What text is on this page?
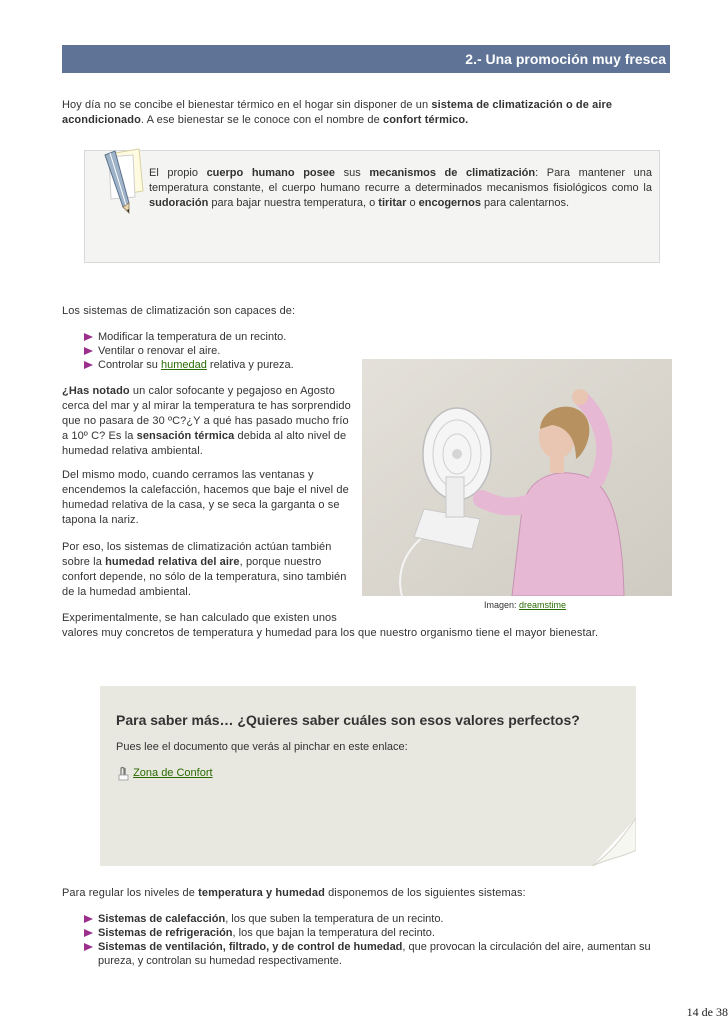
2.- Una promoción muy fresca
Hoy día no se concibe el bienestar térmico en el hogar sin disponer de un sistema de climatización o de aire acondicionado. A ese bienestar se le conoce con el nombre de confort térmico.
El propio cuerpo humano posee sus mecanismos de climatización: Para mantener una temperatura constante, el cuerpo humano recurre a determinados mecanismos fisiológicos como la sudoración para bajar nuestra temperatura, o tiritar o encogernos para calentarnos.
Los sistemas de climatización son capaces de:
Modificar la temperatura de un recinto.
Ventilar o renovar el aire.
Controlar su humedad relativa y pureza.
¿Has notado un calor sofocante y pegajoso en Agosto cerca del mar y al mirar la temperatura te has sorprendido que no pasara de 30 ºC?¿Y a qué has pasado mucho frío a 10º C? Es la sensación térmica debida al alto nivel de humedad relativa ambiental.
Del mismo modo, cuando cerramos las ventanas y encendemos la calefacción, hacemos que baje el nivel de humedad relativa de la casa, y se seca la garganta o se tapona la nariz.
Por eso, los sistemas de climatización actúan también sobre la humedad relativa del aire, porque nuestro confort depende, no sólo de la temperatura, sino también de la humedad ambiental.
Imagen: dreamstime
Experimentalmente, se han calculado que existen unos
valores muy concretos de temperatura y humedad para los que nuestro organismo tiene el mayor bienestar.
Para saber más… ¿Quieres saber cuáles son esos valores perfectos?
Pues lee el documento que verás al pinchar en este enlace:
Zona de Confort
Para regular los niveles de temperatura y humedad disponemos de los siguientes sistemas:
Sistemas de calefacción, los que suben la temperatura de un recinto.
Sistemas de refrigeración, los que bajan la temperatura del recinto.
Sistemas de ventilación, filtrado, y de control de humedad, que provocan la circulación del aire, aumentan su pureza, y controlan su humedad respectivamente.
14 de 38
